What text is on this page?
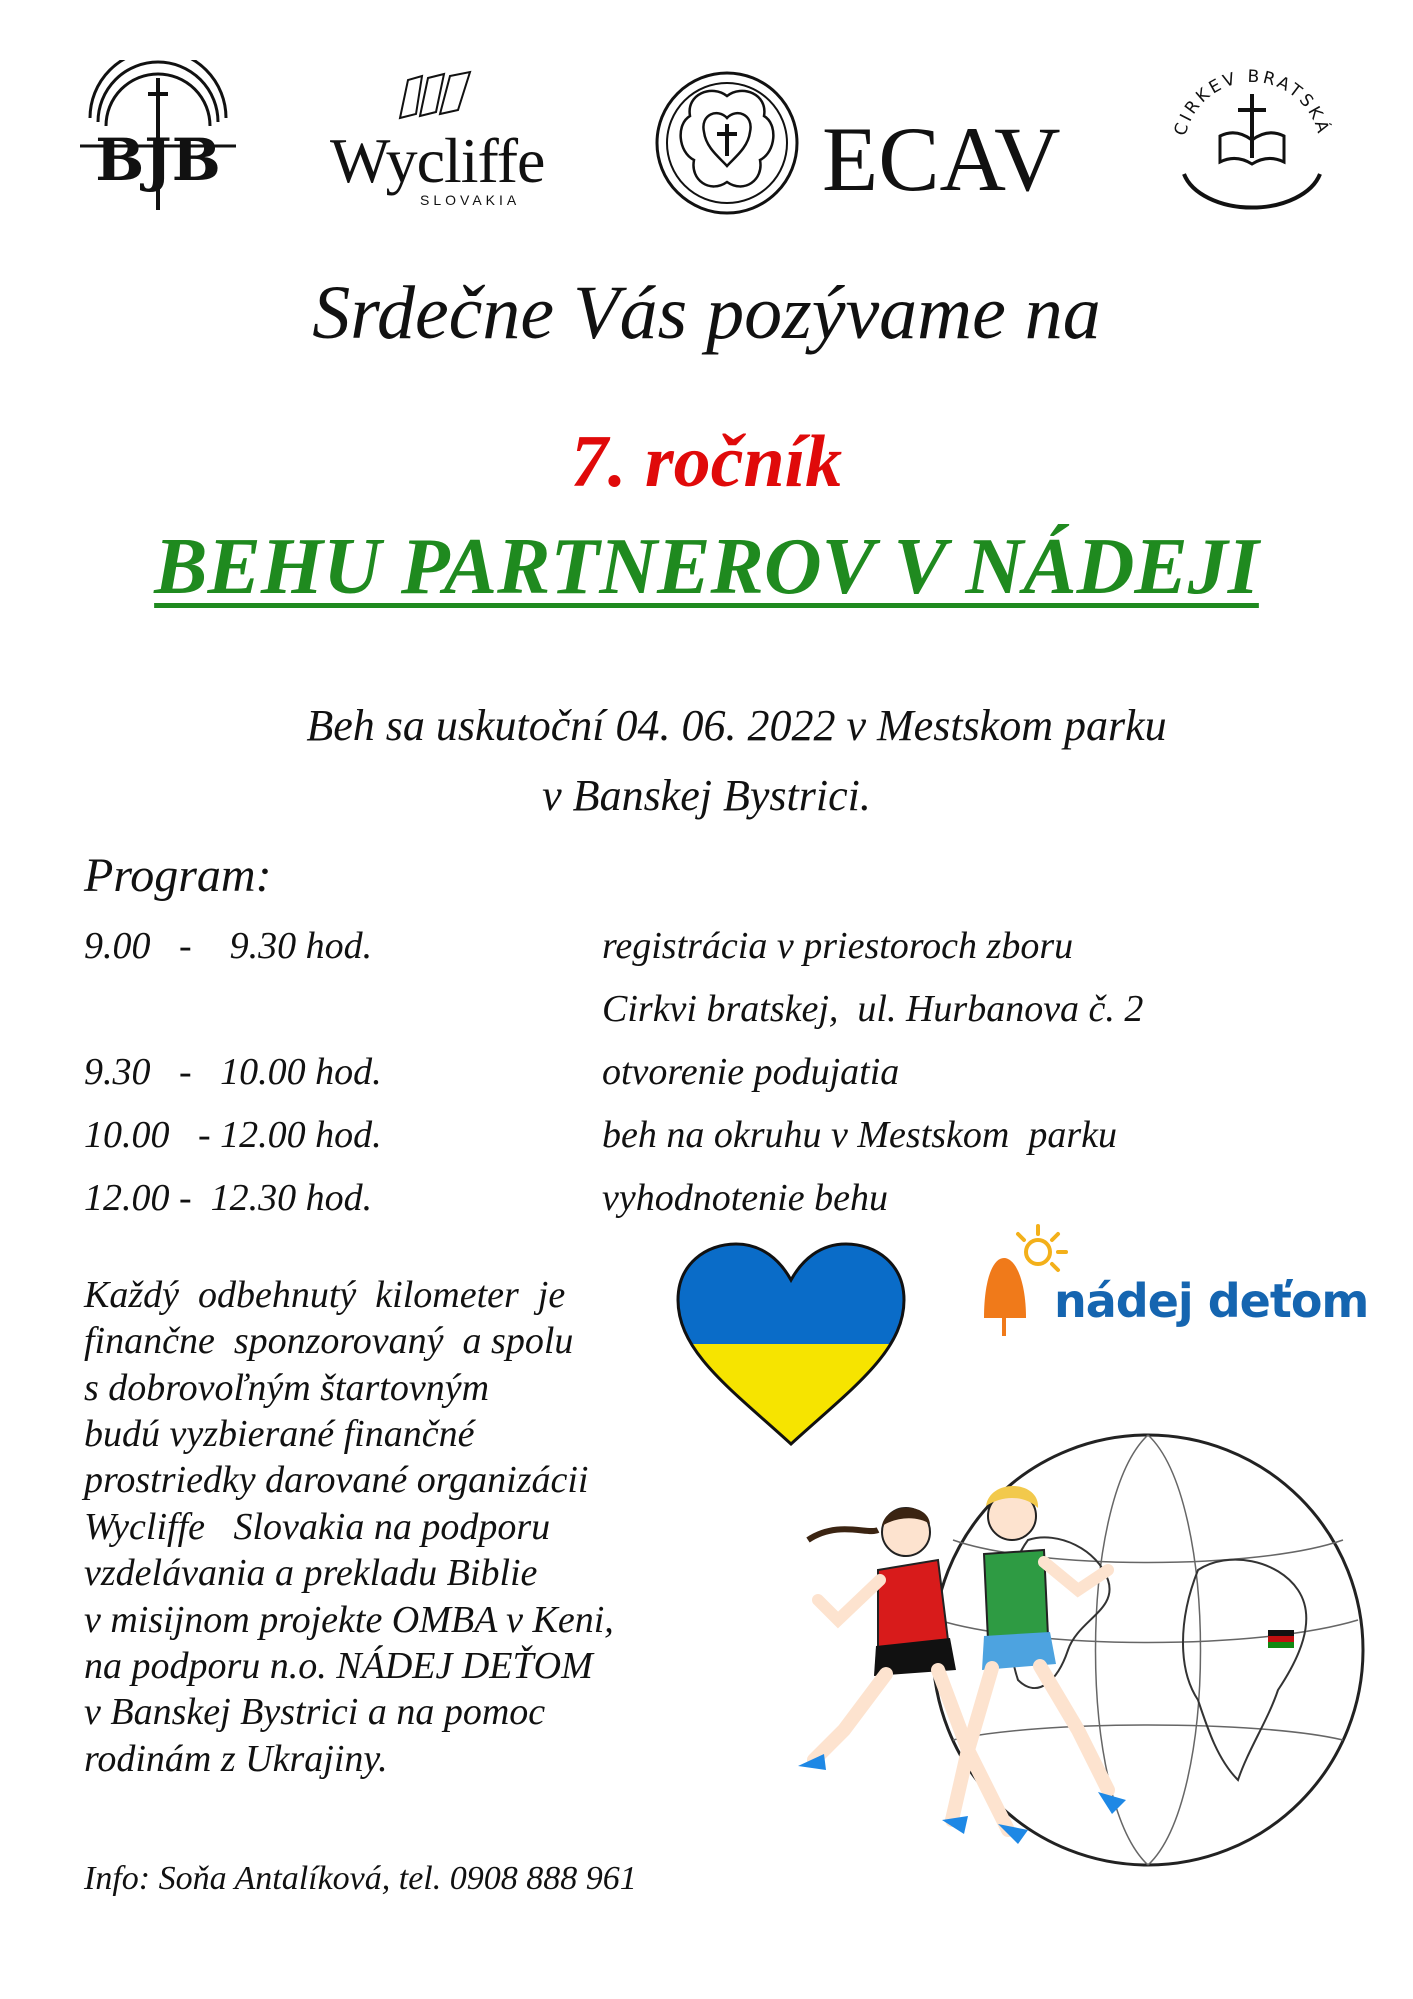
BJB Wycliffe
SLOVAKIA	ECAV	CIRKEV BRATSKÁ
Srdečne Vás pozývame na
7. ročník
BEHU PARTNEROV V NÁDEJI
Beh sa uskutoční 04. 06. 2022 v Mestskom parku
v Banskej Bystrici.
Program:
9.00   -    9.30 hod.	registrácia v priestoroch zboru
Cirkvi bratskej,  ul. Hurbanova č. 2
9.30   -   10.00 hod.	otvorenie podujatia
10.00   - 12.00 hod.	beh na okruhu v Mestskom  parku
12.00 -  12.30 hod.	vyhodnotenie behu
Každý  odbehnutý  kilometer  je
finančne  sponzorovaný  a spolu
s dobrovoľným štartovným
budú vyzbierané finančné
prostriedky darované organizácii
Wycliffe   Slovakia na podporu
vzdelávania a prekladu Biblie
v misijnom projekte OMBA v Keni,
na podporu n.o. NÁDEJ DEŤOM
v Banskej Bystrici a na pomoc
rodinám z Ukrajiny.
Info: Soňa Antalíková, tel. 0908 888 961
nádej deťom
